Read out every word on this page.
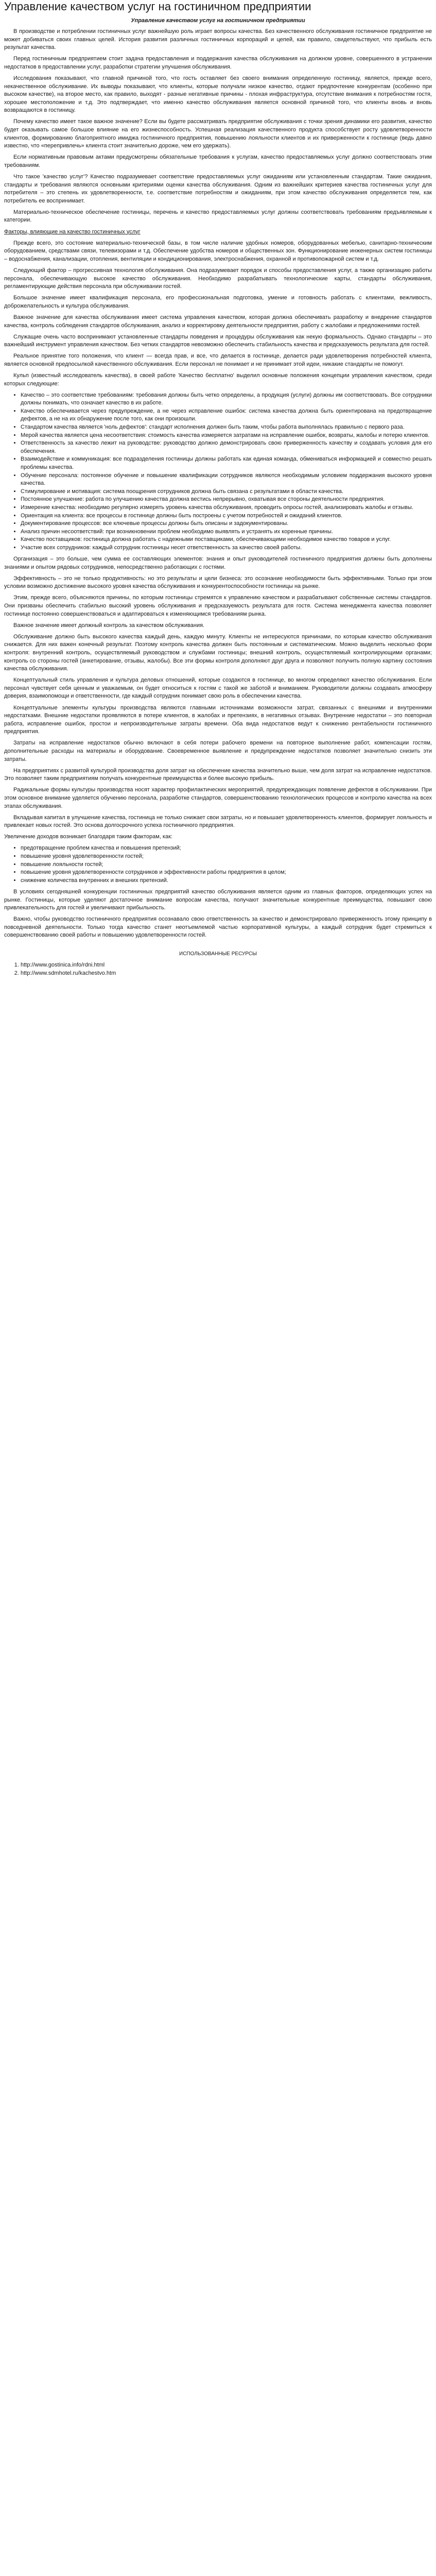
Управление качеством услуг на гостиничном предприятии
Управление качеством услуг на гостиничном предприятии

В производстве и потреблении гостиничных услуг важнейшую роль играет вопросы качества. Без качественного обслуживания гостиничное предприятие не может добиваться своих главных целей. История развития различных гостиничных корпораций и цепей, как правило, свидетельствуют, что прибыль есть результат качества.

Перед гостиничным предприятием стоит задача предоставления и поддержания качества обслуживания на должном уровне, совершенного в устранении недостатков в предоставлении услуг, разработки стратегии улучшения обслуживания.

Исследования показывают, что главной причиной того, что гость оставляет без своего внимания определенную гостиницу, является, прежде всего, некачественное обслуживание. Их выводы показывают, что клиенты, которые получали низкое качество, отдают предпочтение конкурентам (особенно при высоком качестве), на второе место, как правило, выходят - разные негативные причины - плохая инфраструктура, отсутствие внимания к потребностям гостя, хорошее местоположение и т.д. Это подтверждает, что именно качество обслуживания является основной причиной того, что клиенты вновь и вновь возвращаются в гостиницу.

Почему качество имеет такое важное значение? Если вы будете рассматривать предприятие обслуживания с точки зрения динамики его развития, качество будет оказывать самое большое влияние на его жизнеспособность. Успешная реализация качественного продукта способствует росту удовлетворенности клиентов, формированию благоприятного имиджа гостиничного предприятия, повышению лояльности клиентов и их приверженности к гостинице (ведь давно известно, что «перепривлечь» клиента стоит значительно дороже, чем его удержать).

Если нормативным правовым актами предусмотрены обязательные требования к услугам, качество предоставляемых услуг должно соответствовать этим требованиям.

Что такое 'качество услуг'? Качество подразумевает соответствие предоставляемых услуг ожиданиям или установленным стандартам. Такие ожидания, стандарты и требования являются основными критериями оценки качества обслуживания. Одним из важнейших критериев качества гостиничных услуг для потребителя – это степень их удовлетворенности, т.е. соответствие потребностям и ожиданиям, при этом качество обслуживания определяется тем, как потребитель ее воспринимает.

Материально-техническое обеспечение гостиницы, перечень и качество предоставляемых услуг должны соответствовать требованиям предъявляемым к категории.

Факторы, влияющие на качество гостиничных услуг

Прежде всего, это состояние материально-технической базы, в том числе наличие удобных номеров, оборудованных мебелью, санитарно-техническим оборудованием, средствами связи, телевизорами и т.д. Обеспечение удобства номеров и общественных зон. Функционирование инженерных систем гостиницы – водоснабжения, канализации, отопления, вентиляции и кондиционирования, электроснабжения, охранной и противопожарной систем и т.д.

Следующий фактор – прогрессивная технология обслуживания. Она подразумевает порядок и способы предоставления услуг, а также организацию работы персонала, обеспечивающую высокое качество обслуживания. Необходимо разрабатывать технологические карты, стандарты обслуживания, регламентирующие действия персонала при обслуживании гостей.

Большое значение имеет квалификация персонала, его профессиональная подготовка, умение и готовность работать с клиентами, вежливость, доброжелательность и культура обслуживания.

Важное значение для качества обслуживания имеет система управления качеством, которая должна обеспечивать разработку и внедрение стандартов качества, контроль соблюдения стандартов обслуживания, анализ и корректировку деятельности предприятия, работу с жалобами и предложениями гостей.

Служащие очень часто воспринимают установленные стандарты поведения и процедуры обслуживания как некую формальность. Однако стандарты – это важнейший инструмент управления качеством. Без четких стандартов невозможно обеспечить стабильность качества и предсказуемость результата для гостей.

Реальное принятие того положения, что клиент — всегда прав, и все, что делается в гостинице, делается ради удовлетворения потребностей клиента, является основной предпосылкой качественного обслуживания. Если персонал не понимает и не принимает этой идеи, никакие стандарты не помогут.

Кульп (известный исследователь качества), в своей работе 'Качество бесплатно' выделил основные положения концепции управления качеством, среди которых следующие:

• Качество – это соответствие требованиям: требования должны быть четко определены, а продукция (услуги) должны им соответствовать. Все сотрудники должны понимать, что означает качество в их работе.
• Качество обеспечивается через предупреждение, а не через исправление ошибок: система качества должна быть ориентирована на предотвращение дефектов, а не на их обнаружение после того, как они произошли.
• Стандартом качества является 'ноль дефектов': стандарт исполнения должен быть таким, чтобы работа выполнялась правильно с первого раза.
• Мерой качества является цена несоответствия: стоимость качества измеряется затратами на исправление ошибок, возвраты, жалобы и потерю клиентов.
• Ответственность за качество лежит на руководстве: руководство должно демонстрировать свою приверженность качеству и создавать условия для его обеспечения.
• Взаимодействие и коммуникация: все подразделения гостиницы должны работать как единая команда, обмениваться информацией и совместно решать проблемы качества.
• Обучение персонала: постоянное обучение и повышение квалификации сотрудников являются необходимым условием поддержания высокого уровня качества.
• Стимулирование и мотивация: система поощрения сотрудников должна быть связана с результатами в области качества.
• Постоянное улучшение: работа по улучшению качества должна вестись непрерывно, охватывая все стороны деятельности предприятия.
• Измерение качества: необходимо регулярно измерять уровень качества обслуживания, проводить опросы гостей, анализировать жалобы и отзывы.
• Ориентация на клиента: все процессы в гостинице должны быть построены с учетом потребностей и ожиданий клиентов.
• Документирование процессов: все ключевые процессы должны быть описаны и задокументированы.
• Анализ причин несоответствий: при возникновении проблем необходимо выявлять и устранять их коренные причины.
• Качество поставщиков: гостиница должна работать с надежными поставщиками, обеспечивающими необходимое качество товаров и услуг.
• Участие всех сотрудников: каждый сотрудник гостиницы несет ответственность за качество своей работы.

Организация – это больше, чем сумма ее составляющих элементов: знания и опыт руководителей гостиничного предприятия должны быть дополнены знаниями и опытом рядовых сотрудников, непосредственно работающих с гостями.

Эффективность – это не только продуктивность: но это результаты и цели бизнеса: это осознание необходимости быть эффективными. Только при этом условии возможно достижение высокого уровня качества обслуживания и конкурентоспособности гостиницы на рынке.

Этим, прежде всего, объясняются причины, по которым гостиницы стремятся к управлению качеством и разрабатывают собственные системы стандартов. Они призваны обеспечить стабильно высокий уровень обслуживания и предсказуемость результата для гостя. Система менеджмента качества позволяет гостинице постоянно совершенствоваться и адаптироваться к изменяющимся требованиям рынка.

Важное значение имеет должный контроль за качеством обслуживания.

Обслуживание должно быть высокого качества каждый день, каждую минуту. Клиенты не интересуются причинами, по которым качество обслуживания снижается. Для них важен конечный результат. Поэтому контроль качества должен быть постоянным и систематическим. Можно выделить несколько форм контроля: внутренний контроль, осуществляемый руководством и службами гостиницы; внешний контроль, осуществляемый контролирующими органами; контроль со стороны гостей (анкетирование, отзывы, жалобы). Все эти формы контроля дополняют друг друга и позволяют получить полную картину состояния качества обслуживания.

Концептуальный стиль управления и культура деловых отношений, которые создаются в гостинице, во многом определяют качество обслуживания. Если персонал чувствует себя ценным и уважаемым, он будет относиться к гостям с такой же заботой и вниманием. Руководители должны создавать атмосферу доверия, взаимопомощи и ответственности, где каждый сотрудник понимает свою роль в обеспечении качества.

Концептуальные элементы культуры производства являются главными источниками возможности затрат, связанных с внешними и внутренними недостатками. Внешние недостатки проявляются в потере клиентов, в жалобах и претензиях, в негативных отзывах. Внутренние недостатки – это повторная работа, исправление ошибок, простои и непроизводительные затраты времени. Оба вида недостатков ведут к снижению рентабельности гостиничного предприятия.

Затраты на исправление недостатков обычно включают в себя потери рабочего времени на повторное выполнение работ, компенсации гостям, дополнительные расходы на материалы и оборудование. Своевременное выявление и предупреждение недостатков позволяет значительно снизить эти затраты.

На предприятиях с развитой культурой производства доля затрат на обеспечение качества значительно выше, чем доля затрат на исправление недостатков. Это позволяет таким предприятиям получать конкурентные преимущества и более высокую прибыль.

Радикальные формы культуры производства носят характер профилактических мероприятий, предупреждающих появление дефектов в обслуживании. При этом основное внимание уделяется обучению персонала, разработке стандартов, совершенствованию технологических процессов и контролю качества на всех этапах обслуживания.

Вкладывая капитал в улучшение качества, гостиница не только снижает свои затраты, но и повышает удовлетворенность клиентов, формирует лояльность и привлекает новых гостей. Это основа долгосрочного успеха гостиничного предприятия.

Увеличение доходов возникает благодаря таким факторам, как:

• предотвращение проблем качества и повышения претензий;
• повышение уровня удовлетворенности гостей;
• повышение лояльности гостей;
• повышение уровня удовлетворенности сотрудников и эффективности работы предприятия в целом;
• снижение количества внутренних и внешних претензий.

В условиях сегодняшней конкуренции гостиничных предприятий качество обслуживания является одним из главных факторов, определяющих успех на рынке. Гостиницы, которые уделяют достаточное внимание вопросам качества, получают значительные конкурентные преимущества, повышают свою привлекательность для гостей и увеличивают прибыльность.

Важно, чтобы руководство гостиничного предприятия осознавало свою ответственность за качество и демонстрировало приверженность этому принципу в повседневной деятельности. Только тогда качество станет неотъемлемой частью корпоративной культуры, а каждый сотрудник будет стремиться к совершенствованию своей работы и повышению удовлетворенности гостей.

ИСПОЛЬЗОВАННЫЕ РЕСУРСЫ
1. http://www.gostinica.info/rdni.html
2. http://www.sdmhotel.ru/kachestvo.htm
